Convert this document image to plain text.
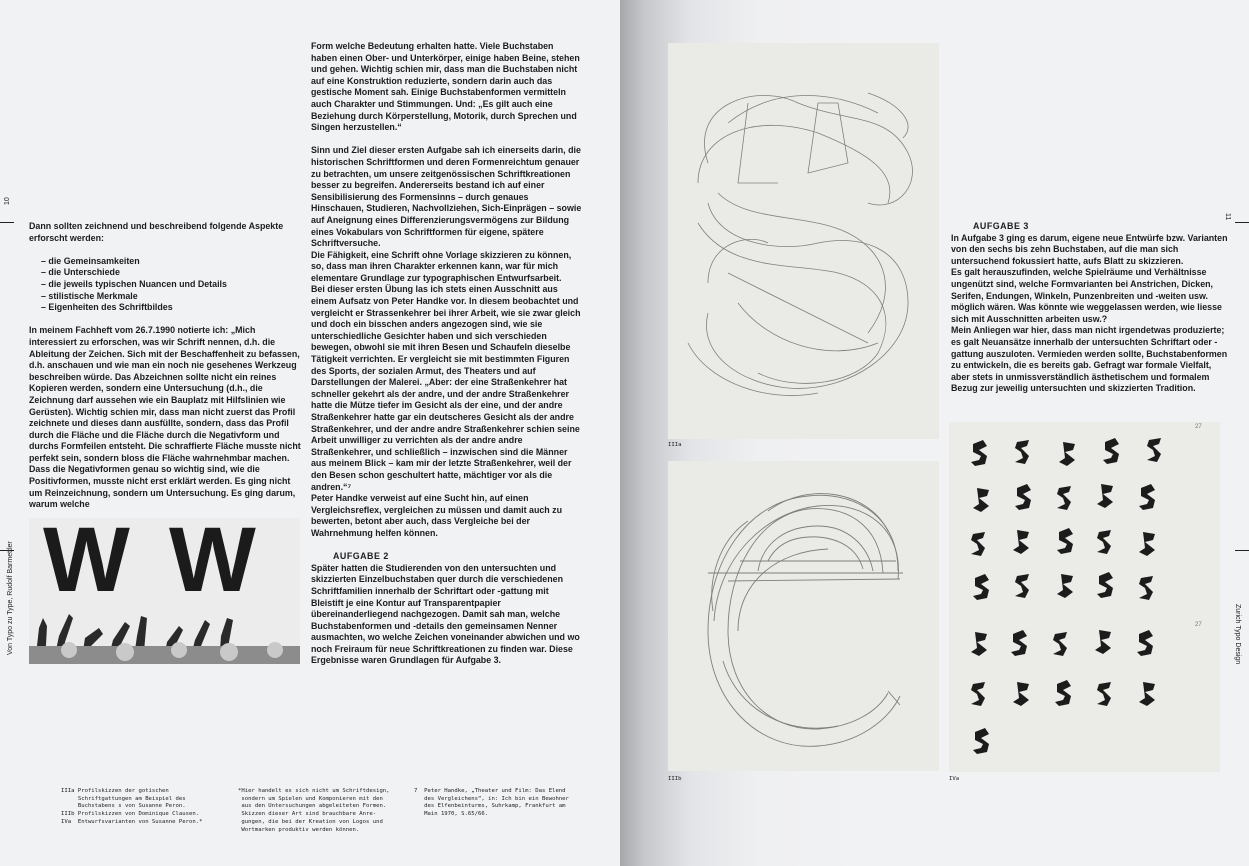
10
Von Typo zu Type, Rudolf Barmettler

Dann sollten zeichnend und beschreibend folgende Aspekte erforscht werden:

– die Gemeinsamkeiten
– die Unterschiede
– die jeweils typischen Nuancen und Details
– stilistische Merkmale
– Eigenheiten des Schriftbildes

In meinem Fachheft vom 26.7.1990 notierte ich: „Mich interessiert zu erforschen, was wir Schrift nennen, d.h. die Ableitung der Zeichen. Sich mit der Beschaffenheit zu befassen, d.h. anschauen und wie man ein noch nie gesehenes Werkzeug beschreiben würde. Das Abzeichnen sollte nicht ein reines Kopieren werden, sondern eine Untersuchung (d.h., die Zeichnung darf aussehen wie ein Bauplatz mit Hilfslinien wie Gerüsten). Wichtig schien mir, dass man nicht zuerst das Profil zeichnete und dieses dann ausfüllte, sondern, dass das Profil durch die Fläche und die Fläche durch die Negativform und durchs Formfeilen entsteht. Die schraffierte Fläche musste nicht perfekt sein, sondern bloss die Fläche wahrnehmbar machen. Dass die Negativformen genau so wichtig sind, wie die Positivformen, musste nicht erst erklärt werden. Es ging nicht um Reinzeichnung, sondern um Untersuchung. Es ging darum, warum welche

W W

Form welche Bedeutung erhalten hatte. Viele Buchstaben haben einen Ober- und Unterkörper, einige haben Beine, stehen und gehen. Wichtig schien mir, dass man die Buchstaben nicht auf eine Konstruktion reduzierte, sondern darin auch das gestische Moment sah. Einige Buchstabenformen vermitteln auch Charakter und Stimmungen. Und: „Es gilt auch eine Beziehung durch Körperstellung, Motorik, durch Sprechen und Singen herzustellen.“

Sinn und Ziel dieser ersten Aufgabe sah ich einerseits darin, die historischen Schriftformen und deren Formenreichtum genauer zu betrachten, um unsere zeitgenössischen Schriftkreationen besser zu begreifen. Andererseits bestand ich auf einer Sensibilisierung des Formensinns – durch genaues Hinschauen, Studieren, Nachvollziehen, Sich-Einprägen – sowie auf Aneignung eines Differenzierungsvermögens zur Bildung eines Vokabulars von Schriftformen für eigene, spätere Schriftversuche.

Die Fähigkeit, eine Schrift ohne Vorlage skizzieren zu können, so, dass man ihren Charakter erkennen kann, war für mich elementare Grundlage zur typographischen Entwurfsarbeit.

Bei dieser ersten Übung las ich stets einen Ausschnitt aus einem Aufsatz von Peter Handke vor. In diesem beobachtet und vergleicht er Strassenkehrer bei ihrer Arbeit, wie sie zwar gleich und doch ein bisschen anders angezogen sind, wie sie unterschiedliche Gesichter haben und sich verschieden bewegen, obwohl sie mit ihren Besen und Schaufeln dieselbe Tätigkeit verrichten. Er vergleicht sie mit bestimmten Figuren des Sports, der sozialen Armut, des Theaters und auf Darstellungen der Malerei. „Aber: der eine Straßenkehrer hat schneller gekehrt als der andre, und der andre Straßenkehrer hatte die Mütze tiefer im Gesicht als der eine, und der andre Straßenkehrer hatte gar ein deutscheres Gesicht als der andre Straßenkehrer, und der andre andre Straßenkehrer schien seine Arbeit unwilliger zu verrichten als der andre andre Straßenkehrer, und schließlich – inzwischen sind die Männer aus meinem Blick – kam mir der letzte Straßenkehrer, weil der den Besen schon geschultert hatte, mächtiger vor als die andren.“⁷

Peter Handke verweist auf eine Sucht hin, auf einen Vergleichsreflex, vergleichen zu müssen und damit auch zu bewerten, betont aber auch, dass Vergleiche bei der Wahrnehmung helfen können.

AUFGABE 2

Später hatten die Studierenden von den untersuchten und skizzierten Einzelbuchstaben quer durch die verschiedenen Schriftfamilien innerhalb der Schriftart oder -gattung mit Bleistift je eine Kontur auf Transparentpapier übereinanderliegend nachgezogen. Damit sah man, welche Buchstabenformen und -details den gemeinsamen Nenner ausmachten, wo welche Zeichen voneinander abwichen und wo noch Freiraum für neue Schriftkreationen zu finden war. Diese Ergebnisse waren Grundlagen für Aufgabe 3.

IIIa Profilskizzen der gotischen
Schriftgattungen am Beispiel des
Buchstabens s von Susanne Peron.
IIIb Profilskizzen von Dominique Clausen.
IVa  Entwurfsvarianten von Susanne Peron.*
*Hier handelt es sich nicht um Schriftdesign,
sondern um Spielen und Komponieren mit den
aus den Untersuchungen abgeleiteten Formen.
Skizzen dieser Art sind brauchbare Anre-
gungen, die bei der Kreation von Logos und
Wortmarken produktiv werden können.
7  Peter Handke, „Theater und Film: Das Elend
des Vergleichens“, in: Ich bin ein Bewohner
des Elfenbeinturms, Suhrkamp, Frankfurt am
Main 1970, S.65/66.
11
Zurich Typo Design
IIIa
IIIb

AUFGABE 3

In Aufgabe 3 ging es darum, eigene neue Entwürfe bzw. Varianten von den sechs bis zehn Buchstaben, auf die man sich untersuchend fokussiert hatte, aufs Blatt zu skizzieren.

Es galt herauszufinden, welche Spielräume und Verhältnisse ungenützt sind, welche Formvarianten bei Anstrichen, Dicken, Serifen, Endungen, Winkeln, Punzenbreiten und -weiten usw. möglich wären. Was könnte wie weggelassen werden, wie liesse sich mit Ausschnitten arbeiten usw.?

Mein Anliegen war hier, dass man nicht irgendetwas produzierte; es galt Neuansätze innerhalb der untersuchten Schriftart oder -gattung auszuloten. Vermieden werden sollte, Buchstabenformen zu entwickeln, die es bereits gab. Gefragt war formale Vielfalt, aber stets in unmissverständlich ästhetischem und formalem Bezug zur jeweilig untersuchten und skizzierten Tradition.

27
27
IVa
